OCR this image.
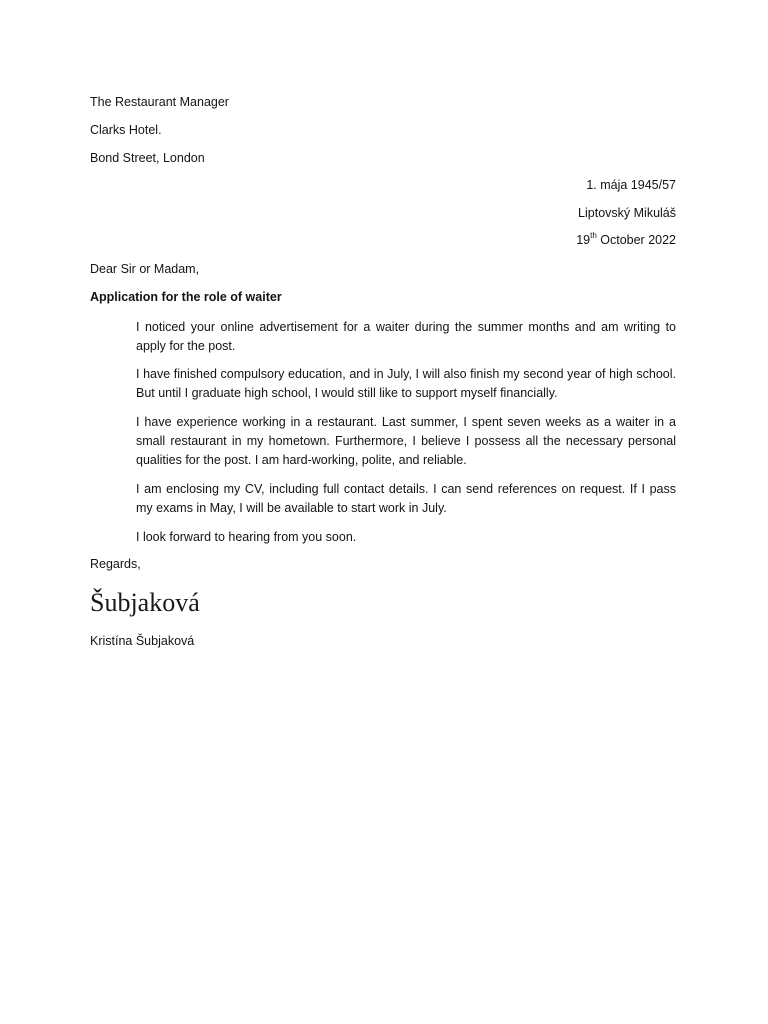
The Restaurant Manager
Clarks Hotel.
Bond Street, London
1. mája 1945/57
Liptovský Mikuláš
19th October 2022
Dear Sir or Madam,
Application for the role of waiter
I noticed your online advertisement for a waiter during the summer months and am writing to apply for the post.
I have finished compulsory education, and in July, I will also finish my second year of high school. But until I graduate high school, I would still like to support myself financially.
I have experience working in a restaurant. Last summer, I spent seven weeks as a waiter in a small restaurant in my hometown. Furthermore, I believe I possess all the necessary personal qualities for the post. I am hard-working, polite, and reliable.
I am enclosing my CV, including full contact details. I can send references on request. If I pass my exams in May, I will be available to start work in July.
I look forward to hearing from you soon.
Regards,
Šubjaková
Kristína Šubjaková
